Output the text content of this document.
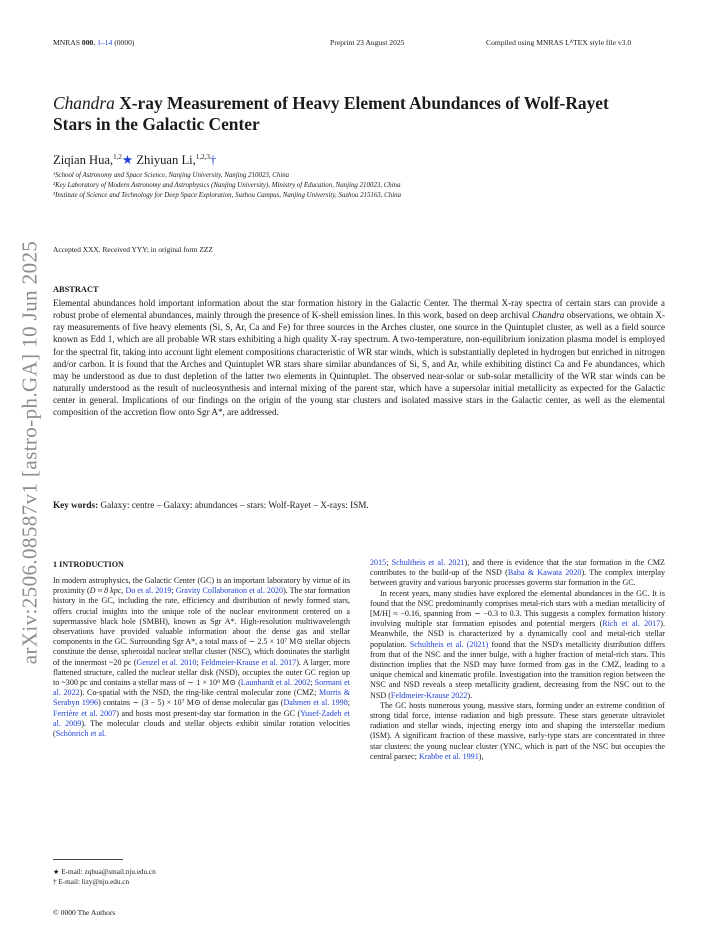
MNRAS 000, 1–14 (0000)	Preprint 23 August 2025	Compiled using MNRAS LᴬTEX style file v3.0
arXiv:2506.08587v1 [astro-ph.GA] 10 Jun 2025
Chandra X-ray Measurement of Heavy Element Abundances of Wolf-Rayet
Stars in the Galactic Center
Ziqian Hua,$^{1,2}$★ Zhiyuan Li,$^{1,2,3}$†
¹School of Astronomy and Space Science, Nanjing University, Nanjing 210023, China
²Key Laboratory of Modern Astronomy and Astrophysics (Nanjing University), Ministry of Education, Nanjing 210023, China
³Institute of Science and Technology for Deep Space Exploration, Suzhou Campus, Nanjing University, Suzhou 215163, China
Accepted XXX. Received YYY; in original form ZZZ
ABSTRACT
Elemental abundances hold important information about the star formation history in the Galactic Center. The thermal X-ray spectra of certain stars can provide a robust probe of elemental abundances, mainly through the presence of K-shell emission lines. In this work, based on deep archival Chandra observations, we obtain X-ray measurements of five heavy elements (Si, S, Ar, Ca and Fe) for three sources in the Arches cluster, one source in the Quintuplet cluster, as well as a field source known as Edd 1, which are all probable WR stars exhibiting a high quality X-ray spectrum. A two-temperature, non-equilibrium ionization plasma model is employed for the spectral fit, taking into account light element compositions characteristic of WR star winds, which is substantially depleted in hydrogen but enriched in nitrogen and/or carbon. It is found that the Arches and Quintuplet WR stars share similar abundances of Si, S, and Ar, while exhibiting distinct Ca and Fe abundances, which may be understood as due to dust depletion of the latter two elements in Quintuplet. The observed near-solar or sub-solar metallicity of the WR star winds can be naturally understood as the result of nucleosynthesis and internal mixing of the parent star, which have a supersolar initial metallicity as expected for the Galactic center in general. Implications of our findings on the origin of the young star clusters and isolated massive stars in the Galactic center, as well as the elemental composition of the accretion flow onto Sgr A*, are addressed.
Key words: Galaxy: centre – Galaxy: abundances – stars: Wolf-Rayet – X-rays: ISM.
1 INTRODUCTION

In modern astrophysics, the Galactic Center (GC) is an important laboratory by virtue of its proximity (D ≈ 8 kpc, Do et al. 2019; Gravity Collaboration et al. 2020). The star formation history in the GC, including the rate, efficiency and distribution of newly formed stars, offers crucial insights into the unique role of the nuclear environment centered on a supermassive black hole (SMBH), known as Sgr A*. High-resolution multiwavelength observations have provided valuable information about the dense gas and stellar components in the GC. Surrounding Sgr A*, a total mass of ∼ 2.5 × 10⁷ M⊙ stellar objects constitute the dense, spheroidal nuclear stellar cluster (NSC), which dominates the starlight of the innermost ~20 pc (Genzel et al. 2010; Feldmeier-Krause et al. 2017). A larger, more flattened structure, called the nuclear stellar disk (NSD), occupies the outer GC region up to ~300 pc and contains a stellar mass of ∼ 1 × 10⁹ M⊙ (Launhardt et al. 2002; Sormani et al. 2022). Co-spatial with the NSD, the ring-like central molecular zone (CMZ; Morris & Serabyn 1996) contains ∼ (3 − 5) × 10⁷ M⊙ of dense molecular gas (Dahmen et al. 1998; Ferrière et al. 2007) and hosts most present-day star formation in the GC (Yusef-Zadeh et al. 2009). The molecular clouds and stellar objects exhibit similar rotation velocities (Schönrich et al.

2015; Schultheis et al. 2021), and there is evidence that the star formation in the CMZ contributes to the build-up of the NSD (Baba & Kawata 2020). The complex interplay between gravity and various baryonic processes governs star formation in the GC.

In recent years, many studies have explored the elemental abundances in the GC. It is found that the NSC predominantly comprises metal-rich stars with a median metallicity of [M/H] ≈ −0.16, spanning from ∼ −0.3 to 0.3. This suggests a complex formation history involving multiple star formation episodes and potential mergers (Rich et al. 2017). Meanwhile, the NSD is characterized by a dynamically cool and metal-rich stellar population. Schultheis et al. (2021) found that the NSD's metallicity distribution differs from that of the NSC and the inner bulge, with a higher fraction of metal-rich stars. This distinction implies that the NSD may have formed from gas in the CMZ, leading to a unique chemical and kinematic profile. Investigation into the transition region between the NSC and NSD reveals a steep metallicity gradient, decreasing from the NSC out to the NSD (Feldmeier-Krause 2022).

The GC hosts numerous young, massive stars, forming under an extreme condition of strong tidal force, intense radiation and high pressure. These stars generate ultraviolet radiation and stellar winds, injecting energy into and shaping the interstellar medium (ISM). A significant fraction of these massive, early-type stars are concentrated in three star clusters: the young nuclear cluster (YNC, which is part of the NSC but occupies the central parsec; Krabbe et al. 1991),

★ E-mail: zqhua@smail.nju.edu.cn
† E-mail: lizy@nju.edu.cn
© 0000 The Authors
